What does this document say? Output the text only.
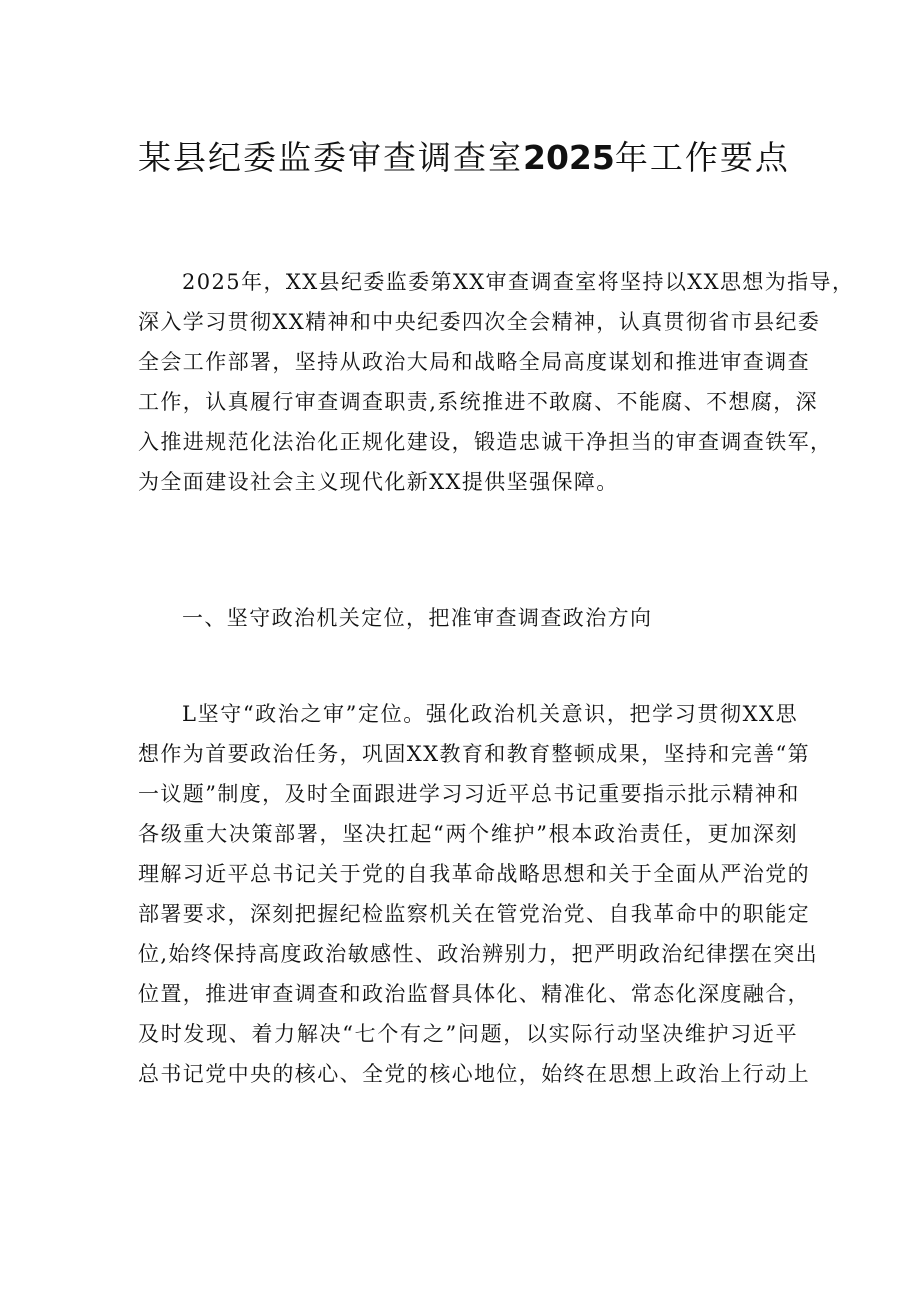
某县纪委监委审查调查室2025年工作要点
2025年，XX县纪委监委第XX审查调查室将坚持以XX思想为指导，
深入学习贯彻XX精神和中央纪委四次全会精神，认真贯彻省市县纪委
全会工作部署，坚持从政治大局和战略全局高度谋划和推进审查调查
工作，认真履行审查调查职责,系统推进不敢腐、不能腐、不想腐，深
入推进规范化法治化正规化建设，锻造忠诚干净担当的审查调查铁军，
为全面建设社会主义现代化新XX提供坚强保障。
一、坚守政治机关定位，把准审查调查政治方向
L坚守“政治之审”定位。强化政治机关意识，把学习贯彻XX思
想作为首要政治任务，巩固XX教育和教育整顿成果，坚持和完善“第
一议题”制度，及时全面跟进学习习近平总书记重要指示批示精神和
各级重大决策部署，坚决扛起“两个维护”根本政治责任，更加深刻
理解习近平总书记关于党的自我革命战略思想和关于全面从严治党的
部署要求，深刻把握纪检监察机关在管党治党、自我革命中的职能定
位,始终保持高度政治敏感性、政治辨别力，把严明政治纪律摆在突出
位置，推进审查调查和政治监督具体化、精准化、常态化深度融合，
及时发现、着力解决“七个有之”问题，以实际行动坚决维护习近平
总书记党中央的核心、全党的核心地位，始终在思想上政治上行动上
